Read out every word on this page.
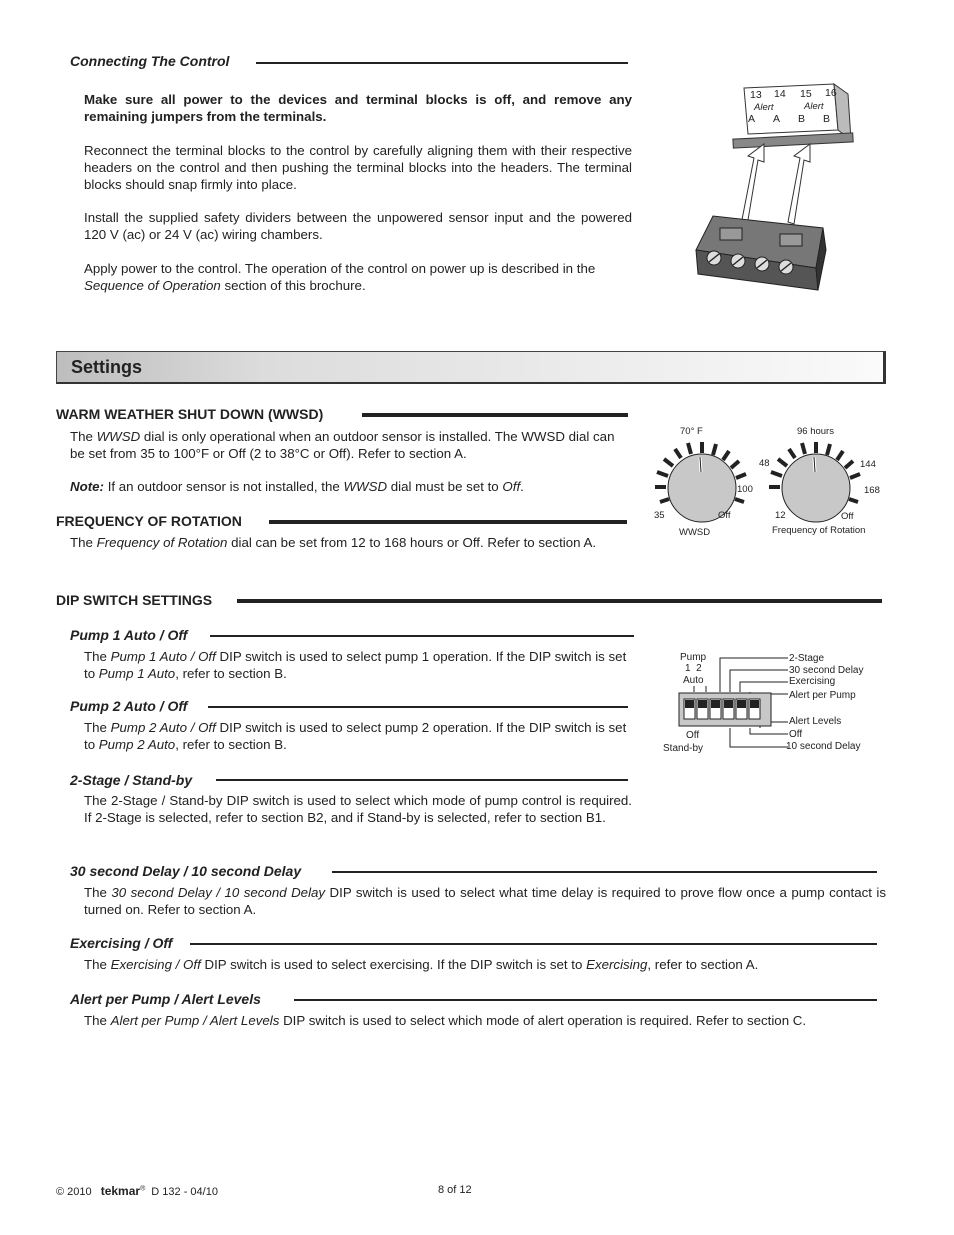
Connecting The Control

Make sure all power to the devices and terminal blocks is off, and remove any remaining jumpers from the terminals.

Reconnect the terminal blocks to the control by carefully aligning them with their respective headers on the control and then pushing the terminal blocks into the headers. The terminal blocks should snap firmly into place.

Install the supplied safety dividers between the unpowered sensor input and the powered 120 V (ac) or 24 V (ac) wiring chambers.

Apply power to the control. The operation of the control on power up is described in the Sequence of Operation section of this brochure.

13 14 15 16
Alert	Alert
A A B B
Settings
WARM WEATHER SHUT DOWN (WWSD)

The WWSD dial is only operational when an outdoor sensor is installed. The WWSD dial can be set from 35 to 100°F or Off (2 to 38°C or Off). Refer to section A.

Note: If an outdoor sensor is not installed, the WWSD dial must be set to Off.

FREQUENCY OF ROTATION

The Frequency of Rotation dial can be set from 12 to 168 hours or Off. Refer to section A.

70° F
35
100
Off
WWSD
96 hours
48	144
12
168
Off
Frequency of Rotation
DIP SWITCH SETTINGS
Pump 1 Auto / Off

The Pump 1 Auto / Off DIP switch is used to select pump 1 operation. If the DIP switch is set to Pump 1 Auto, refer to section B.

Pump 2 Auto / Off

The Pump 2 Auto / Off DIP switch is used to select pump 2 operation. If the DIP switch is set to Pump 2 Auto, refer to section B.

2-Stage / Stand-by

The 2-Stage / Stand-by DIP switch is used to select which mode of pump control is required. If 2-Stage is selected, refer to section B2, and if Stand-by is selected, refer to section B1.

30 second Delay / 10 second Delay

The 30 second Delay / 10 second Delay DIP switch is used to select what time delay is required to prove flow once a pump contact is turned on. Refer to section A.

Exercising / Off

The Exercising / Off DIP switch is used to select exercising. If the DIP switch is set to Exercising, refer to section A.

Alert per Pump / Alert Levels

The Alert per Pump / Alert Levels DIP switch is used to select which mode of alert operation is required. Refer to section C.

Pump
1  2
Auto
Off
Stand-by
2-Stage
30 second Delay
Exercising
Alert per Pump
Alert Levels
Off
10 second Delay
© 2010 tekmar® D 132 - 04/10	8 of 12
